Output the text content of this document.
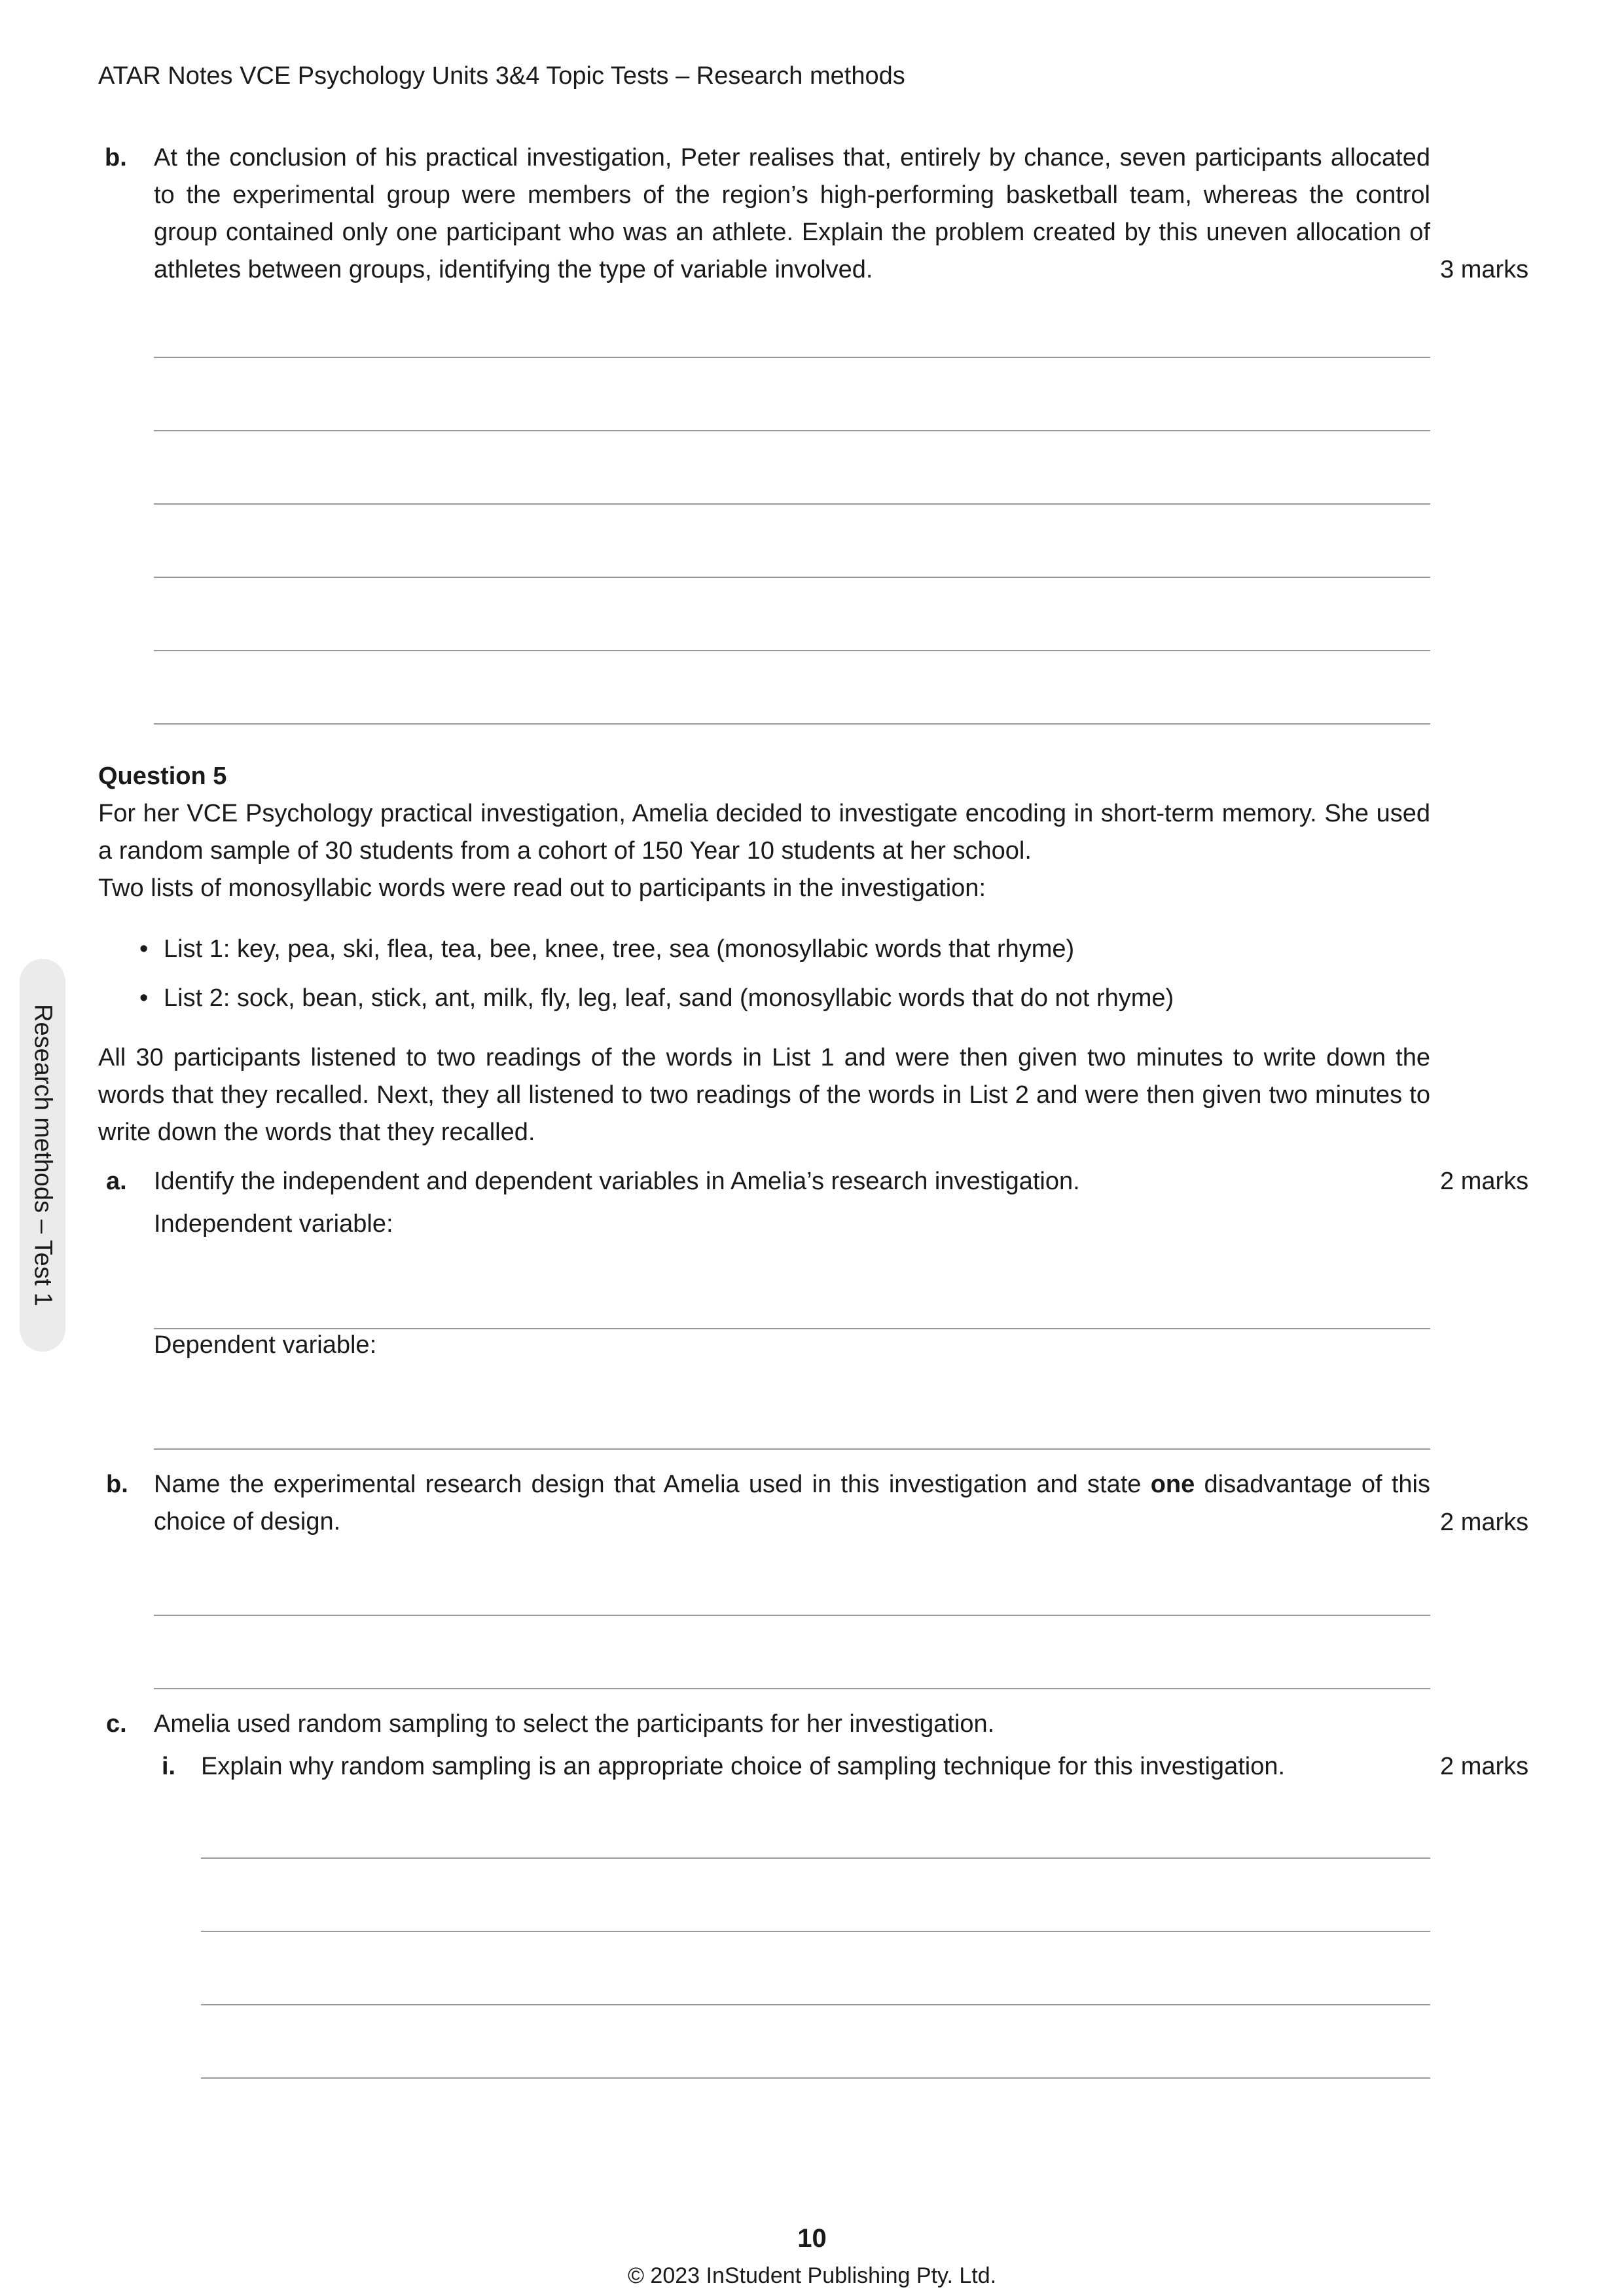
ATAR Notes VCE Psychology Units 3&4 Topic Tests – Research methods
Research methods – Test 1
b. At the conclusion of his practical investigation, Peter realises that, entirely by chance, seven participants allocated to the experimental group were members of the region’s high-performing basketball team, whereas the control group contained only one participant who was an athlete. Explain the problem created by this uneven allocation of athletes between groups, identifying the type of variable involved.	3 marks
Question 5
For her VCE Psychology practical investigation, Amelia decided to investigate encoding in short-term memory. She used a random sample of 30 students from a cohort of 150 Year 10 students at her school.
Two lists of monosyllabic words were read out to participants in the investigation:
• List 1: key, pea, ski, flea, tea, bee, knee, tree, sea (monosyllabic words that rhyme)
• List 2: sock, bean, stick, ant, milk, fly, leg, leaf, sand (monosyllabic words that do not rhyme)
All 30 participants listened to two readings of the words in List 1 and were then given two minutes to write down the words that they recalled. Next, they all listened to two readings of the words in List 2 and were then given two minutes to write down the words that they recalled.
a. Identify the independent and dependent variables in Amelia’s research investigation.	2 marks
Independent variable:
Dependent variable:
b. Name the experimental research design that Amelia used in this investigation and state one disadvantage of this choice of design.	2 marks
c. Amelia used random sampling to select the participants for her investigation.
i. Explain why random sampling is an appropriate choice of sampling technique for this investigation.	2 marks
10
© 2023 InStudent Publishing Pty. Ltd.
